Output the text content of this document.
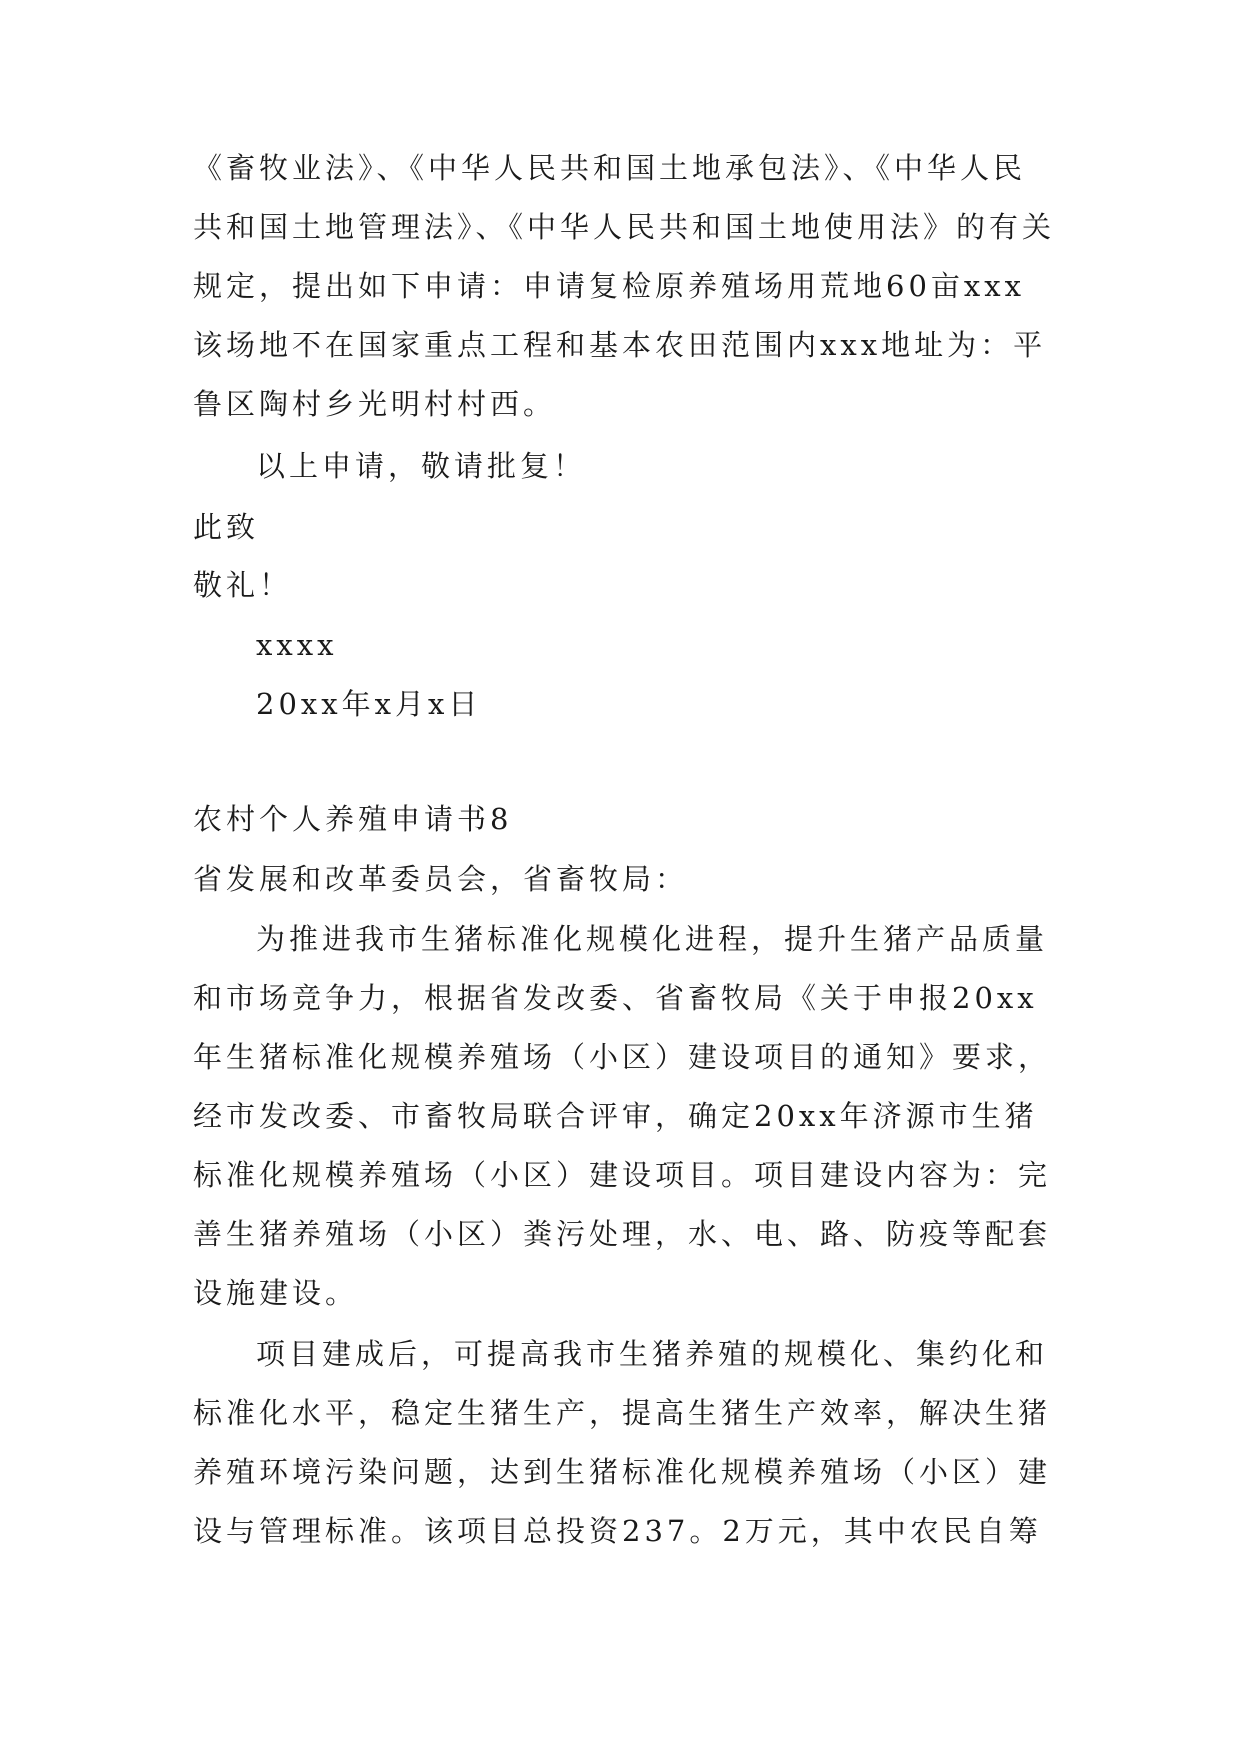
《畜牧业法》、《中华人民共和国土地承包法》、《中华人民
共和国土地管理法》、《中华人民共和国土地使用法》的有关
规定，提出如下申请：申请复检原养殖场用荒地60亩xxx
该场地不在国家重点工程和基本农田范围内xxx地址为：平
鲁区陶村乡光明村村西。
以上申请，敬请批复！
此致
敬礼！
xxxx
20xx年x月x日
农村个人养殖申请书8
省发展和改革委员会，省畜牧局：
为推进我市生猪标准化规模化进程，提升生猪产品质量
和市场竞争力，根据省发改委、省畜牧局《关于申报20xx
年生猪标准化规模养殖场（小区）建设项目的通知》要求，
经市发改委、市畜牧局联合评审，确定20xx年济源市生猪
标准化规模养殖场（小区）建设项目。项目建设内容为：完
善生猪养殖场（小区）粪污处理，水、电、路、防疫等配套
设施建设。
项目建成后，可提高我市生猪养殖的规模化、集约化和
标准化水平，稳定生猪生产，提高生猪生产效率，解决生猪
养殖环境污染问题，达到生猪标准化规模养殖场（小区）建
设与管理标准。该项目总投资237。2万元，其中农民自筹
